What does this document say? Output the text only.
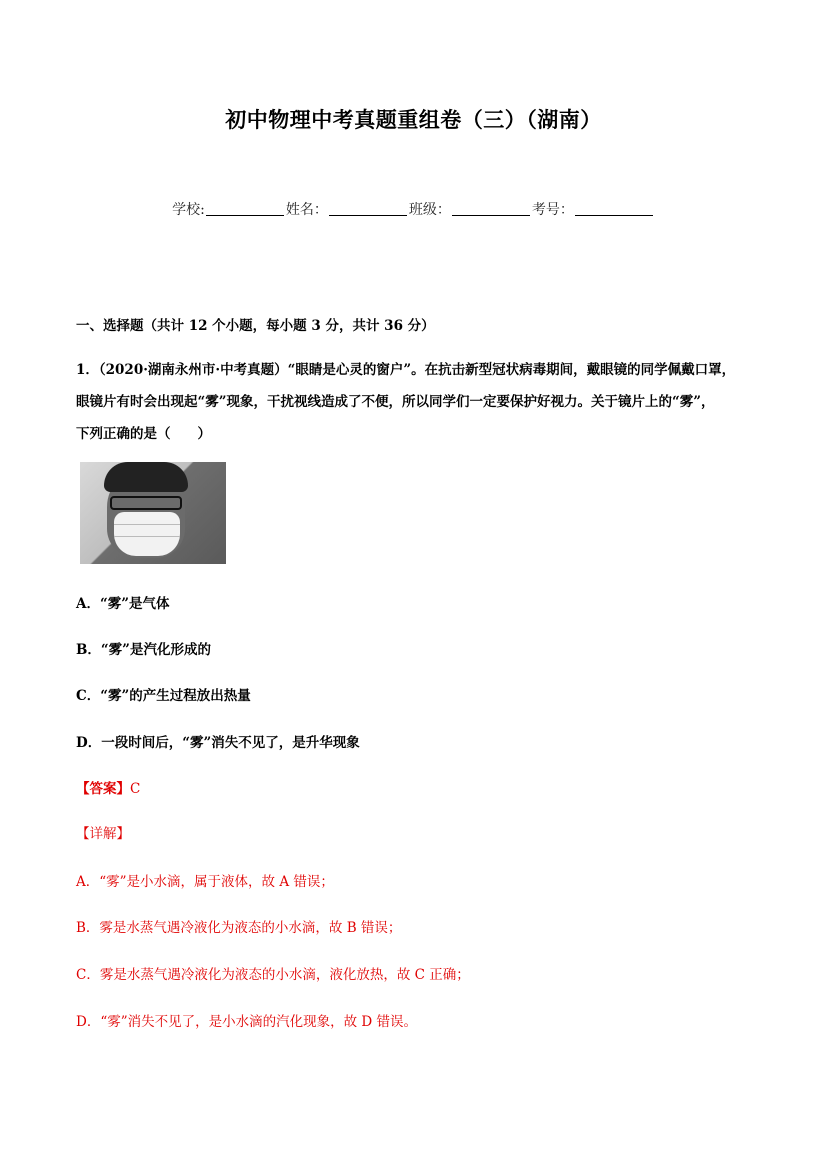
初中物理中考真题重组卷（三）（湖南）
学校:	姓名：	班级：	考号：
一、选择题（共计 12 个小题，每小题 3 分，共计 36 分）
1．（2020·湖南永州市·中考真题）“眼睛是心灵的窗户”。在抗击新型冠状病毒期间，戴眼镜的同学佩戴口罩，
眼镜片有时会出现起“雾”现象，干扰视线造成了不便，所以同学们一定要保护好视力。关于镜片上的“雾”，
下列正确的是（　　）
A．“雾”是气体
B．“雾”是汽化形成的
C．“雾”的产生过程放出热量
D．一段时间后，“雾”消失不见了，是升华现象
【答案】C
【详解】
A．“雾”是小水滴，属于液体，故 A 错误；
B．雾是水蒸气遇冷液化为液态的小水滴，故 B 错误；
C．雾是水蒸气遇冷液化为液态的小水滴，液化放热，故 C 正确；
D．“雾”消失不见了，是小水滴的汽化现象，故 D 错误。
